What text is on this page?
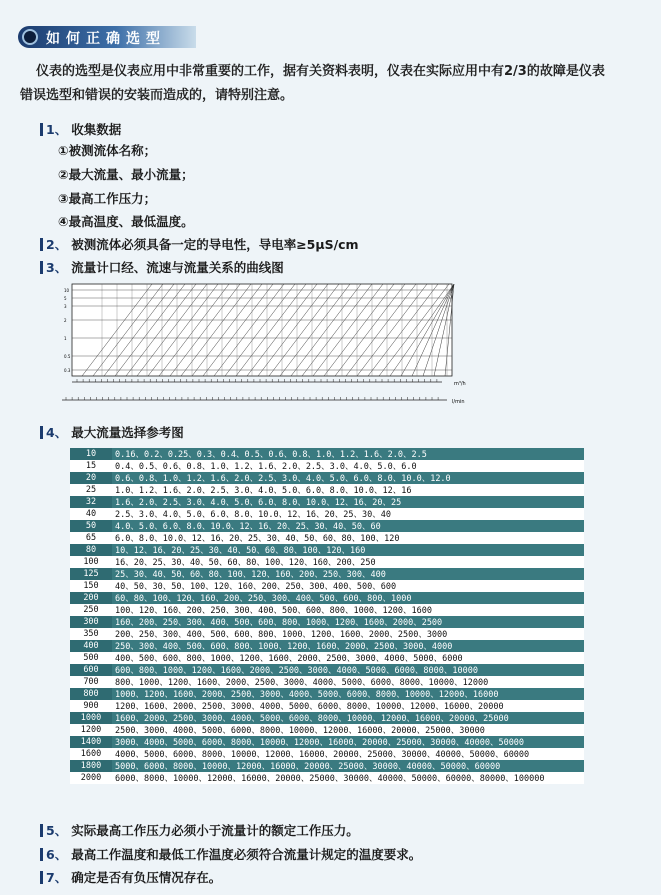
如何正确选型
仪表的选型是仪表应用中非常重要的工作，据有关资料表明，仪表在实际应用中有2/3的故障是仪表
错误选型和错误的安装而造成的，请特别注意。
1、 收集数据
①被测流体名称；
②最大流量、最小流量；
③最高工作压力；
④最高温度、最低温度。
2、 被测流体必须具备一定的导电性，导电率≥5μS/cm
3、 流量计口经、流速与流量关系的曲线图
10
5
3
2
1
0.5
0.3
m³/h
l/min
4、 最大流量选择参考图
10	0.16、0.2、0.25、0.3、0.4、0.5、0.6、0.8、1.0、1.2、1.6、2.0、2.5
15	0.4、0.5、0.6、0.8、1.0、1.2、1.6、2.0、2.5、3.0、4.0、5.0、6.0
20	0.6、0.8、1.0、1.2、1.6、2.0、2.5、3.0、4.0、5.0、6.0、8.0、10.0、12.0
25	1.0、1.2、1.6、2.0、2.5、3.0、4.0、5.0、6.0、8.0、10.0、12、16
32	1.6、2.0、2.5、3.0、4.0、5.0、6.0、8.0、10.0、12、16、20、25
40	2.5、3.0、4.0、5.0、6.0、8.0、10.0、12、16、20、25、30、40
50	4.0、5.0、6.0、8.0、10.0、12、16、20、25、30、40、50、60
65	6.0、8.0、10.0、12、16、20、25、30、40、50、60、80、100、120
80	10、12、16、20、25、30、40、50、60、80、100、120、160
100	16、20、25、30、40、50、60、80、100、120、160、200、250
125	25、30、40、50、60、80、100、120、160、200、250、300、400
150	40、50、30、50、100、120、160、200、250、300、400、500、600
200	60、80、100、120、160、200、250、300、400、500、600、800、1000
250	100、120、160、200、250、300、400、500、600、800、1000、1200、1600
300	160、200、250、300、400、500、600、800、1000、1200、1600、2000、2500
350	200、250、300、400、500、600、800、1000、1200、1600、2000、2500、3000
400	250、300、400、500、600、800、1000、1200、1600、2000、2500、3000、4000
500	400、500、600、800、1000、1200、1600、2000、2500、3000、4000、5000、6000
600	600、800、1000、1200、1600、2000、2500、3000、4000、5000、6000、8000、10000
700	800、1000、1200、1600、2000、2500、3000、4000、5000、6000、8000、10000、12000
800	1000、1200、1600、2000、2500、3000、4000、5000、6000、8000、10000、12000、16000
900	1200、1600、2000、2500、3000、4000、5000、6000、8000、10000、12000、16000、20000
1000	1600、2000、2500、3000、4000、5000、6000、8000、10000、12000、16000、20000、25000
1200	2500、3000、4000、5000、6000、8000、10000、12000、16000、20000、25000、30000
1400	3000、4000、5000、6000、8000、10000、12000、16000、20000、25000、30000、40000、50000
1600	4000、5000、6000、8000、10000、12000、16000、20000、25000、30000、40000、50000、60000
1800	5000、6000、8000、10000、12000、16000、20000、25000、30000、40000、50000、60000
2000	6000、8000、10000、12000、16000、20000、25000、30000、40000、50000、60000、80000、100000
5、 实际最高工作压力必须小于流量计的额定工作压力。
6、 最高工作温度和最低工作温度必须符合流量计规定的温度要求。
7、 确定是否有负压情况存在。
